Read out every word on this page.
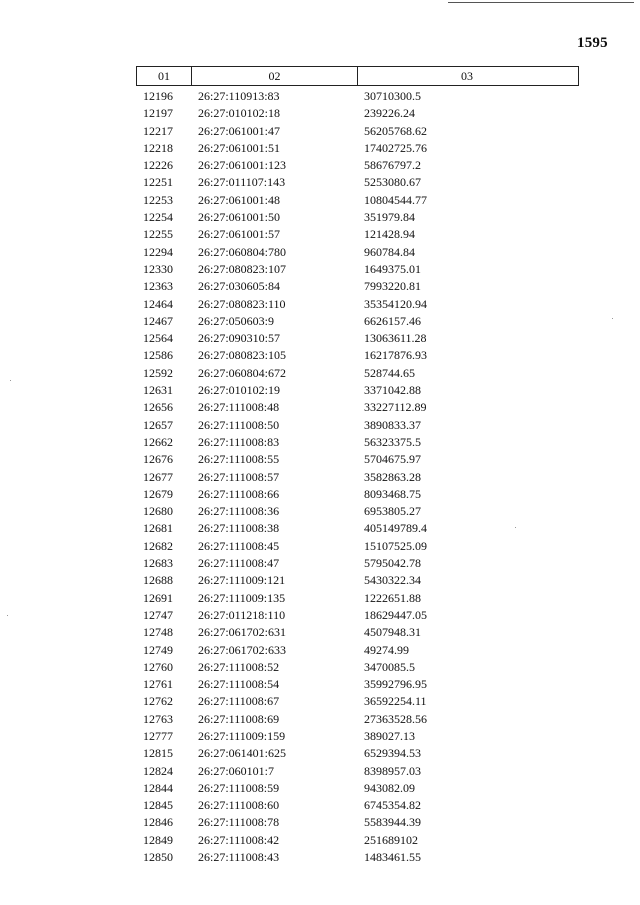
1595
01	02	03
12196 26:27:110913:83	30710300.5
12197 26:27:010102:18	239226.24
12217 26:27:061001:47	56205768.62
12218 26:27:061001:51	17402725.76
12226 26:27:061001:123	58676797.2
12251 26:27:011107:143	5253080.67
12253 26:27:061001:48	10804544.77
12254 26:27:061001:50	351979.84
12255 26:27:061001:57	121428.94
12294 26:27:060804:780	960784.84
12330 26:27:080823:107	1649375.01
12363 26:27:030605:84	7993220.81
12464 26:27:080823:110	35354120.94
12467 26:27:050603:9	6626157.46
12564 26:27:090310:57	13063611.28
12586 26:27:080823:105	16217876.93
12592 26:27:060804:672	528744.65
12631 26:27:010102:19	3371042.88
12656 26:27:111008:48	33227112.89
12657 26:27:111008:50	3890833.37
12662 26:27:111008:83	56323375.5
12676 26:27:111008:55	5704675.97
12677 26:27:111008:57	3582863.28
12679 26:27:111008:66	8093468.75
12680 26:27:111008:36	6953805.27
12681 26:27:111008:38	405149789.4
12682 26:27:111008:45	15107525.09
12683 26:27:111008:47	5795042.78
12688 26:27:111009:121	5430322.34
12691 26:27:111009:135	1222651.88
12747 26:27:011218:110	18629447.05
12748 26:27:061702:631	4507948.31
12749 26:27:061702:633	49274.99
12760 26:27:111008:52	3470085.5
12761 26:27:111008:54	35992796.95
12762 26:27:111008:67	36592254.11
12763 26:27:111008:69	27363528.56
12777 26:27:111009:159	389027.13
12815 26:27:061401:625	6529394.53
12824 26:27:060101:7	8398957.03
12844 26:27:111008:59	943082.09
12845 26:27:111008:60	6745354.82
12846 26:27:111008:78	5583944.39
12849 26:27:111008:42	251689102
12850 26:27:111008:43	1483461.55
